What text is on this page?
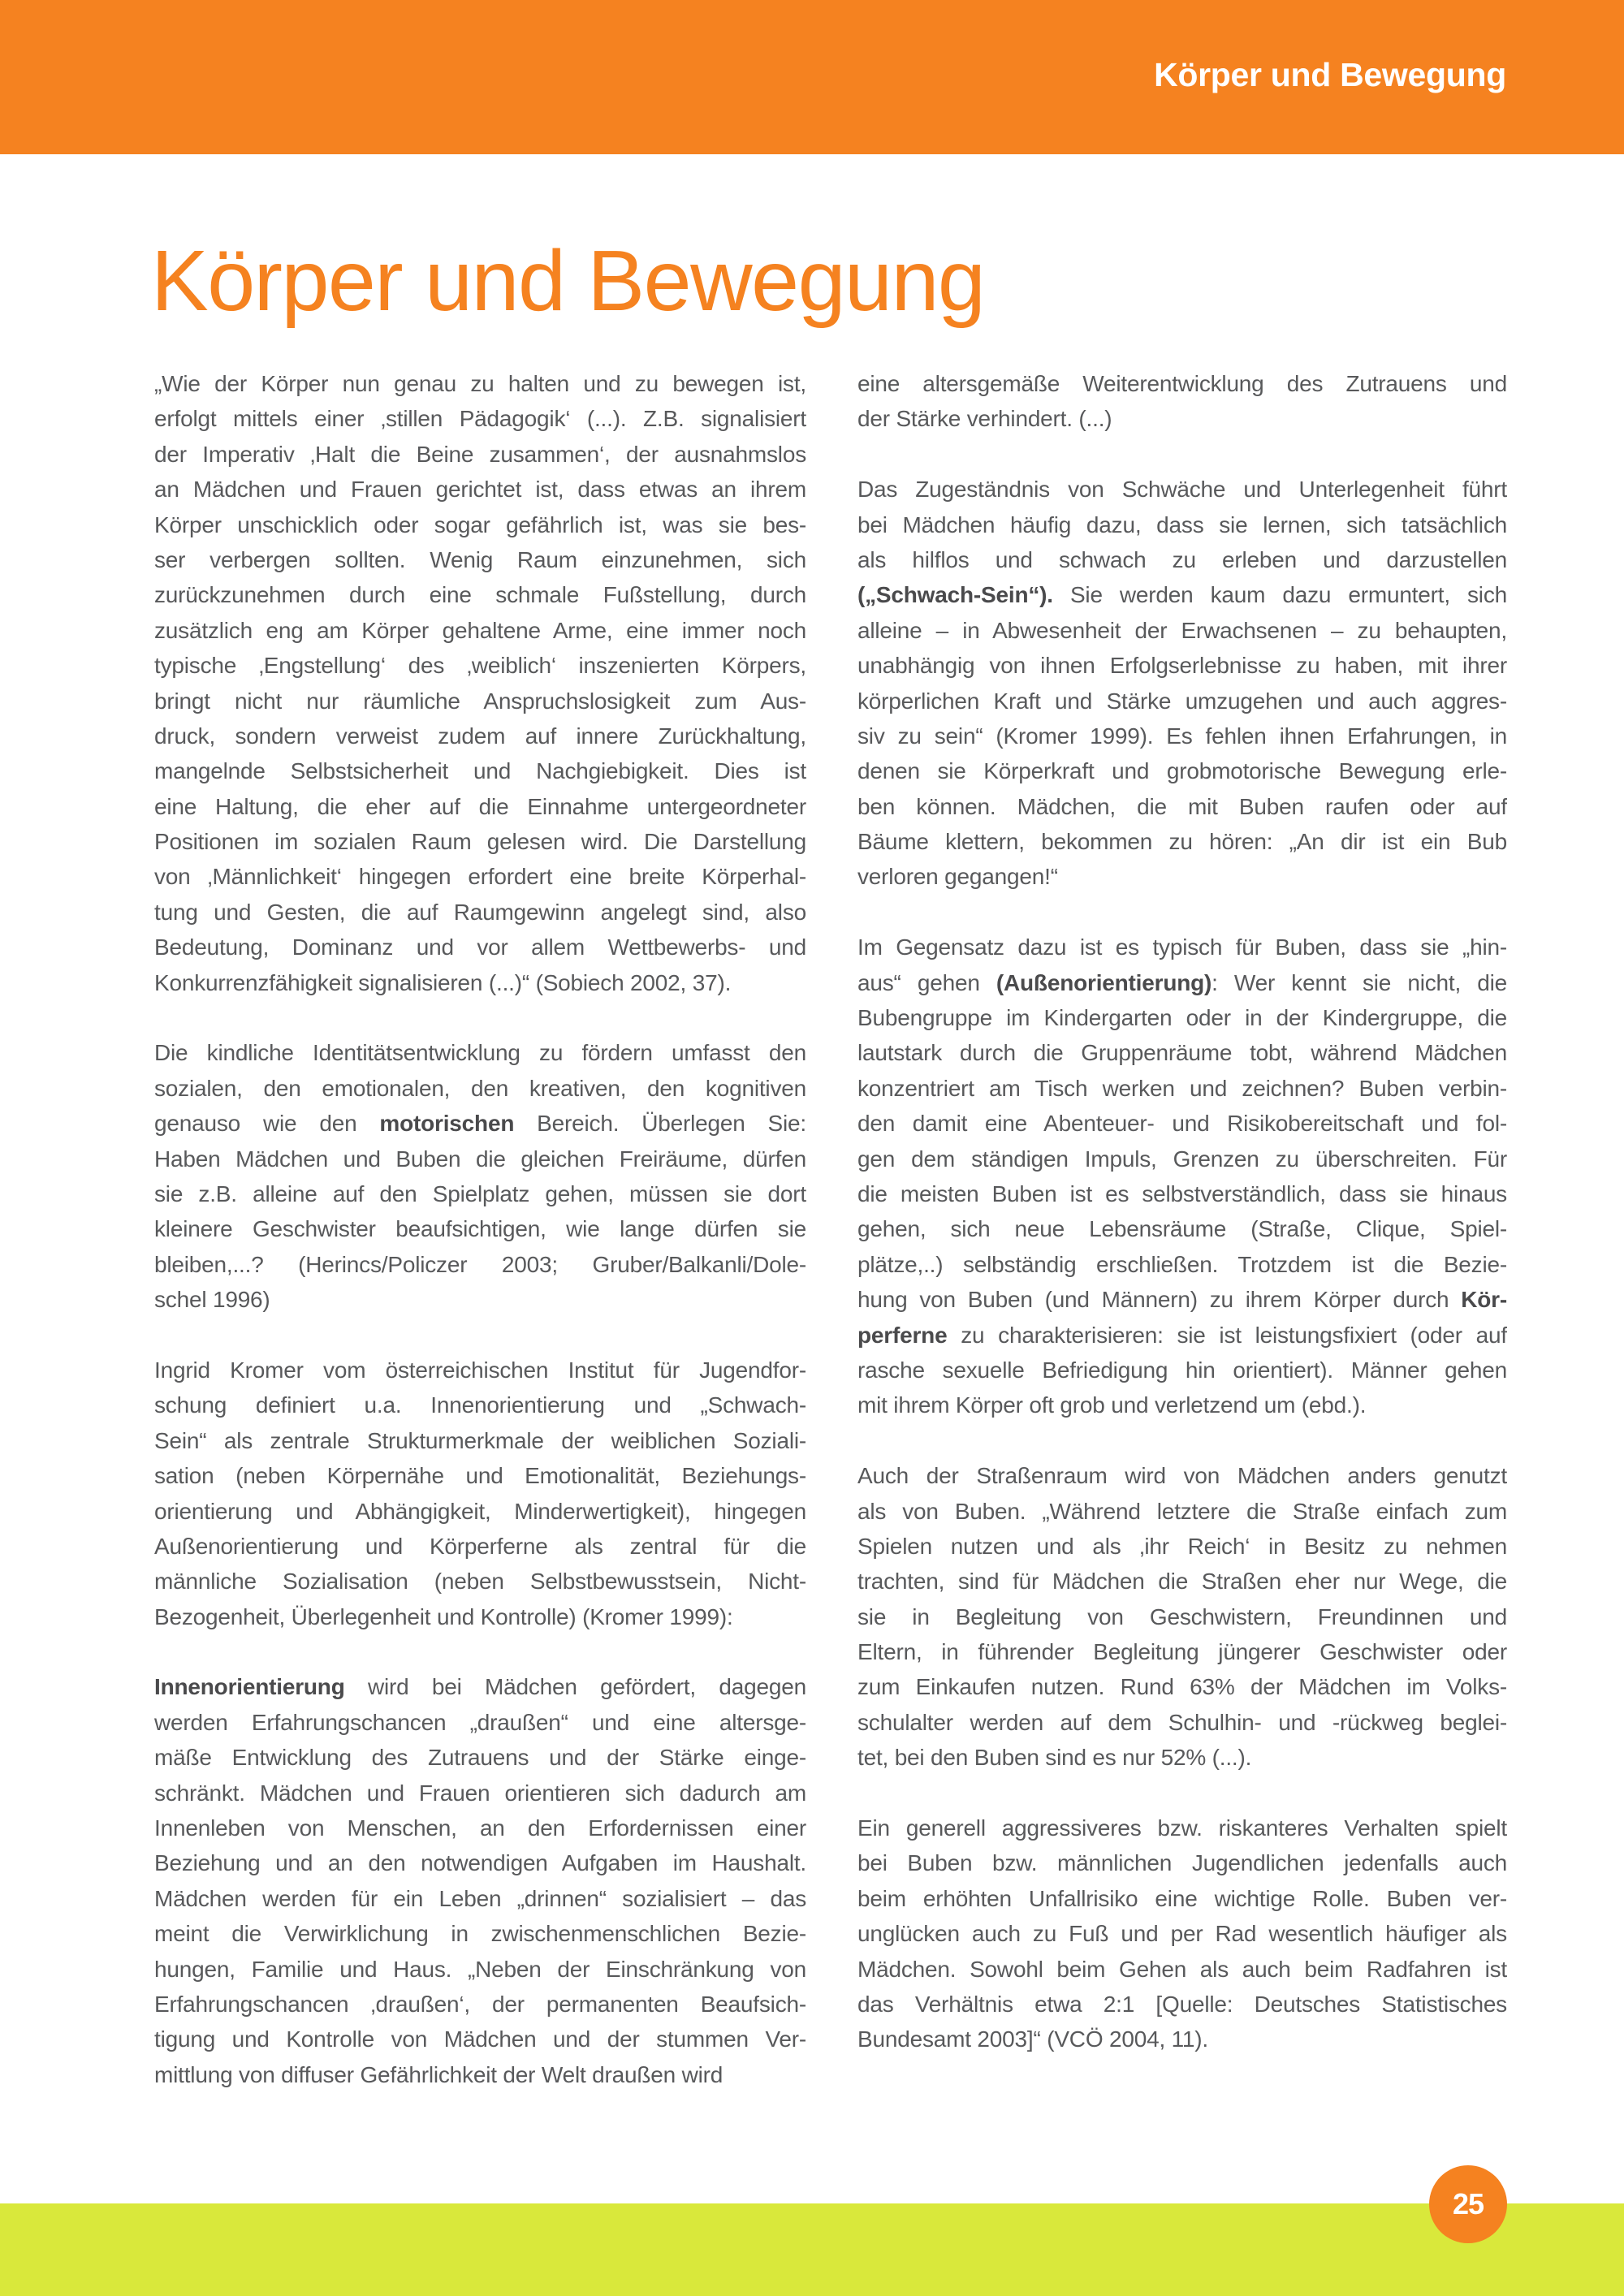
Körper und Bewegung
Körper und Bewegung
„Wie der Körper nun genau zu halten und zu bewegen ist,
erfolgt mittels einer ‚stillen Pädagogik‘ (...). Z.B. signalisiert
der Imperativ ‚Halt die Beine zusammen‘, der ausnahmslos
an Mädchen und Frauen gerichtet ist, dass etwas an ihrem
Körper unschicklich oder sogar gefährlich ist, was sie bes-
ser verbergen sollten. Wenig Raum einzunehmen, sich
zurückzunehmen durch eine schmale Fußstellung, durch
zusätzlich eng am Körper gehaltene Arme, eine immer noch
typische ‚Engstellung‘ des ‚weiblich‘ inszenierten Körpers,
bringt nicht nur räumliche Anspruchslosigkeit zum Aus-
druck, sondern verweist zudem auf innere Zurückhaltung,
mangelnde Selbstsicherheit und Nachgiebigkeit. Dies ist
eine Haltung, die eher auf die Einnahme untergeordneter
Positionen im sozialen Raum gelesen wird. Die Darstellung
von ‚Männlichkeit‘ hingegen erfordert eine breite Körperhal-
tung und Gesten, die auf Raumgewinn angelegt sind, also
Bedeutung, Dominanz und vor allem Wettbewerbs- und
Konkurrenzfähigkeit signalisieren (...)“ (Sobiech 2002, 37).
Die kindliche Identitätsentwicklung zu fördern umfasst den
sozialen, den emotionalen, den kreativen, den kognitiven
genauso wie den motorischen Bereich. Überlegen Sie:
Haben Mädchen und Buben die gleichen Freiräume, dürfen
sie z.B. alleine auf den Spielplatz gehen, müssen sie dort
kleinere Geschwister beaufsichtigen, wie lange dürfen sie
bleiben,...? (Herincs/Policzer 2003; Gruber/Balkanli/Dole-
schel 1996)
Ingrid Kromer vom österreichischen Institut für Jugendfor-
schung definiert u.a. Innenorientierung und „Schwach-
Sein“ als zentrale Strukturmerkmale der weiblichen Soziali-
sation (neben Körpernähe und Emotionalität, Beziehungs-
orientierung und Abhängigkeit, Minderwertigkeit), hingegen
Außenorientierung und Körperferne als zentral für die
männliche Sozialisation (neben Selbstbewusstsein, Nicht-
Bezogenheit, Überlegenheit und Kontrolle) (Kromer 1999):
Innenorientierung wird bei Mädchen gefördert, dagegen
werden Erfahrungschancen „draußen“ und eine altersge-
mäße Entwicklung des Zutrauens und der Stärke einge-
schränkt. Mädchen und Frauen orientieren sich dadurch am
Innenleben von Menschen, an den Erfordernissen einer
Beziehung und an den notwendigen Aufgaben im Haushalt.
Mädchen werden für ein Leben „drinnen“ sozialisiert – das
meint die Verwirklichung in zwischenmenschlichen Bezie-
hungen, Familie und Haus. „Neben der Einschränkung von
Erfahrungschancen ‚draußen‘, der permanenten Beaufsich-
tigung und Kontrolle von Mädchen und der stummen Ver-
mittlung von diffuser Gefährlichkeit der Welt draußen wird
eine altersgemäße Weiterentwicklung des Zutrauens und
der Stärke verhindert. (...)
Das Zugeständnis von Schwäche und Unterlegenheit führt
bei Mädchen häufig dazu, dass sie lernen, sich tatsächlich
als hilflos und schwach zu erleben und darzustellen
(„Schwach-Sein“). Sie werden kaum dazu ermuntert, sich
alleine – in Abwesenheit der Erwachsenen – zu behaupten,
unabhängig von ihnen Erfolgserlebnisse zu haben, mit ihrer
körperlichen Kraft und Stärke umzugehen und auch aggres-
siv zu sein“ (Kromer 1999). Es fehlen ihnen Erfahrungen, in
denen sie Körperkraft und grobmotorische Bewegung erle-
ben können. Mädchen, die mit Buben raufen oder auf
Bäume klettern, bekommen zu hören: „An dir ist ein Bub
verloren gegangen!“
Im Gegensatz dazu ist es typisch für Buben, dass sie „hin-
aus“ gehen (Außenorientierung): Wer kennt sie nicht, die
Bubengruppe im Kindergarten oder in der Kindergruppe, die
lautstark durch die Gruppenräume tobt, während Mädchen
konzentriert am Tisch werken und zeichnen? Buben verbin-
den damit eine Abenteuer- und Risikobereitschaft und fol-
gen dem ständigen Impuls, Grenzen zu überschreiten. Für
die meisten Buben ist es selbstverständlich, dass sie hinaus
gehen, sich neue Lebensräume (Straße, Clique, Spiel-
plätze,..) selbständig erschließen. Trotzdem ist die Bezie-
hung von Buben (und Männern) zu ihrem Körper durch Kör-
perferne zu charakterisieren: sie ist leistungsfixiert (oder auf
rasche sexuelle Befriedigung hin orientiert). Männer gehen
mit ihrem Körper oft grob und verletzend um (ebd.).
Auch der Straßenraum wird von Mädchen anders genutzt
als von Buben. „Während letztere die Straße einfach zum
Spielen nutzen und als ‚ihr Reich‘ in Besitz zu nehmen
trachten, sind für Mädchen die Straßen eher nur Wege, die
sie in Begleitung von Geschwistern, Freundinnen und
Eltern, in führender Begleitung jüngerer Geschwister oder
zum Einkaufen nutzen. Rund 63% der Mädchen im Volks-
schulalter werden auf dem Schulhin- und -rückweg beglei-
tet, bei den Buben sind es nur 52% (...).
Ein generell aggressiveres bzw. riskanteres Verhalten spielt
bei Buben bzw. männlichen Jugendlichen jedenfalls auch
beim erhöhten Unfallrisiko eine wichtige Rolle. Buben ver-
unglücken auch zu Fuß und per Rad wesentlich häufiger als
Mädchen. Sowohl beim Gehen als auch beim Radfahren ist
das Verhältnis etwa 2:1 [Quelle: Deutsches Statistisches
Bundesamt 2003]“ (VCÖ 2004, 11).
25
